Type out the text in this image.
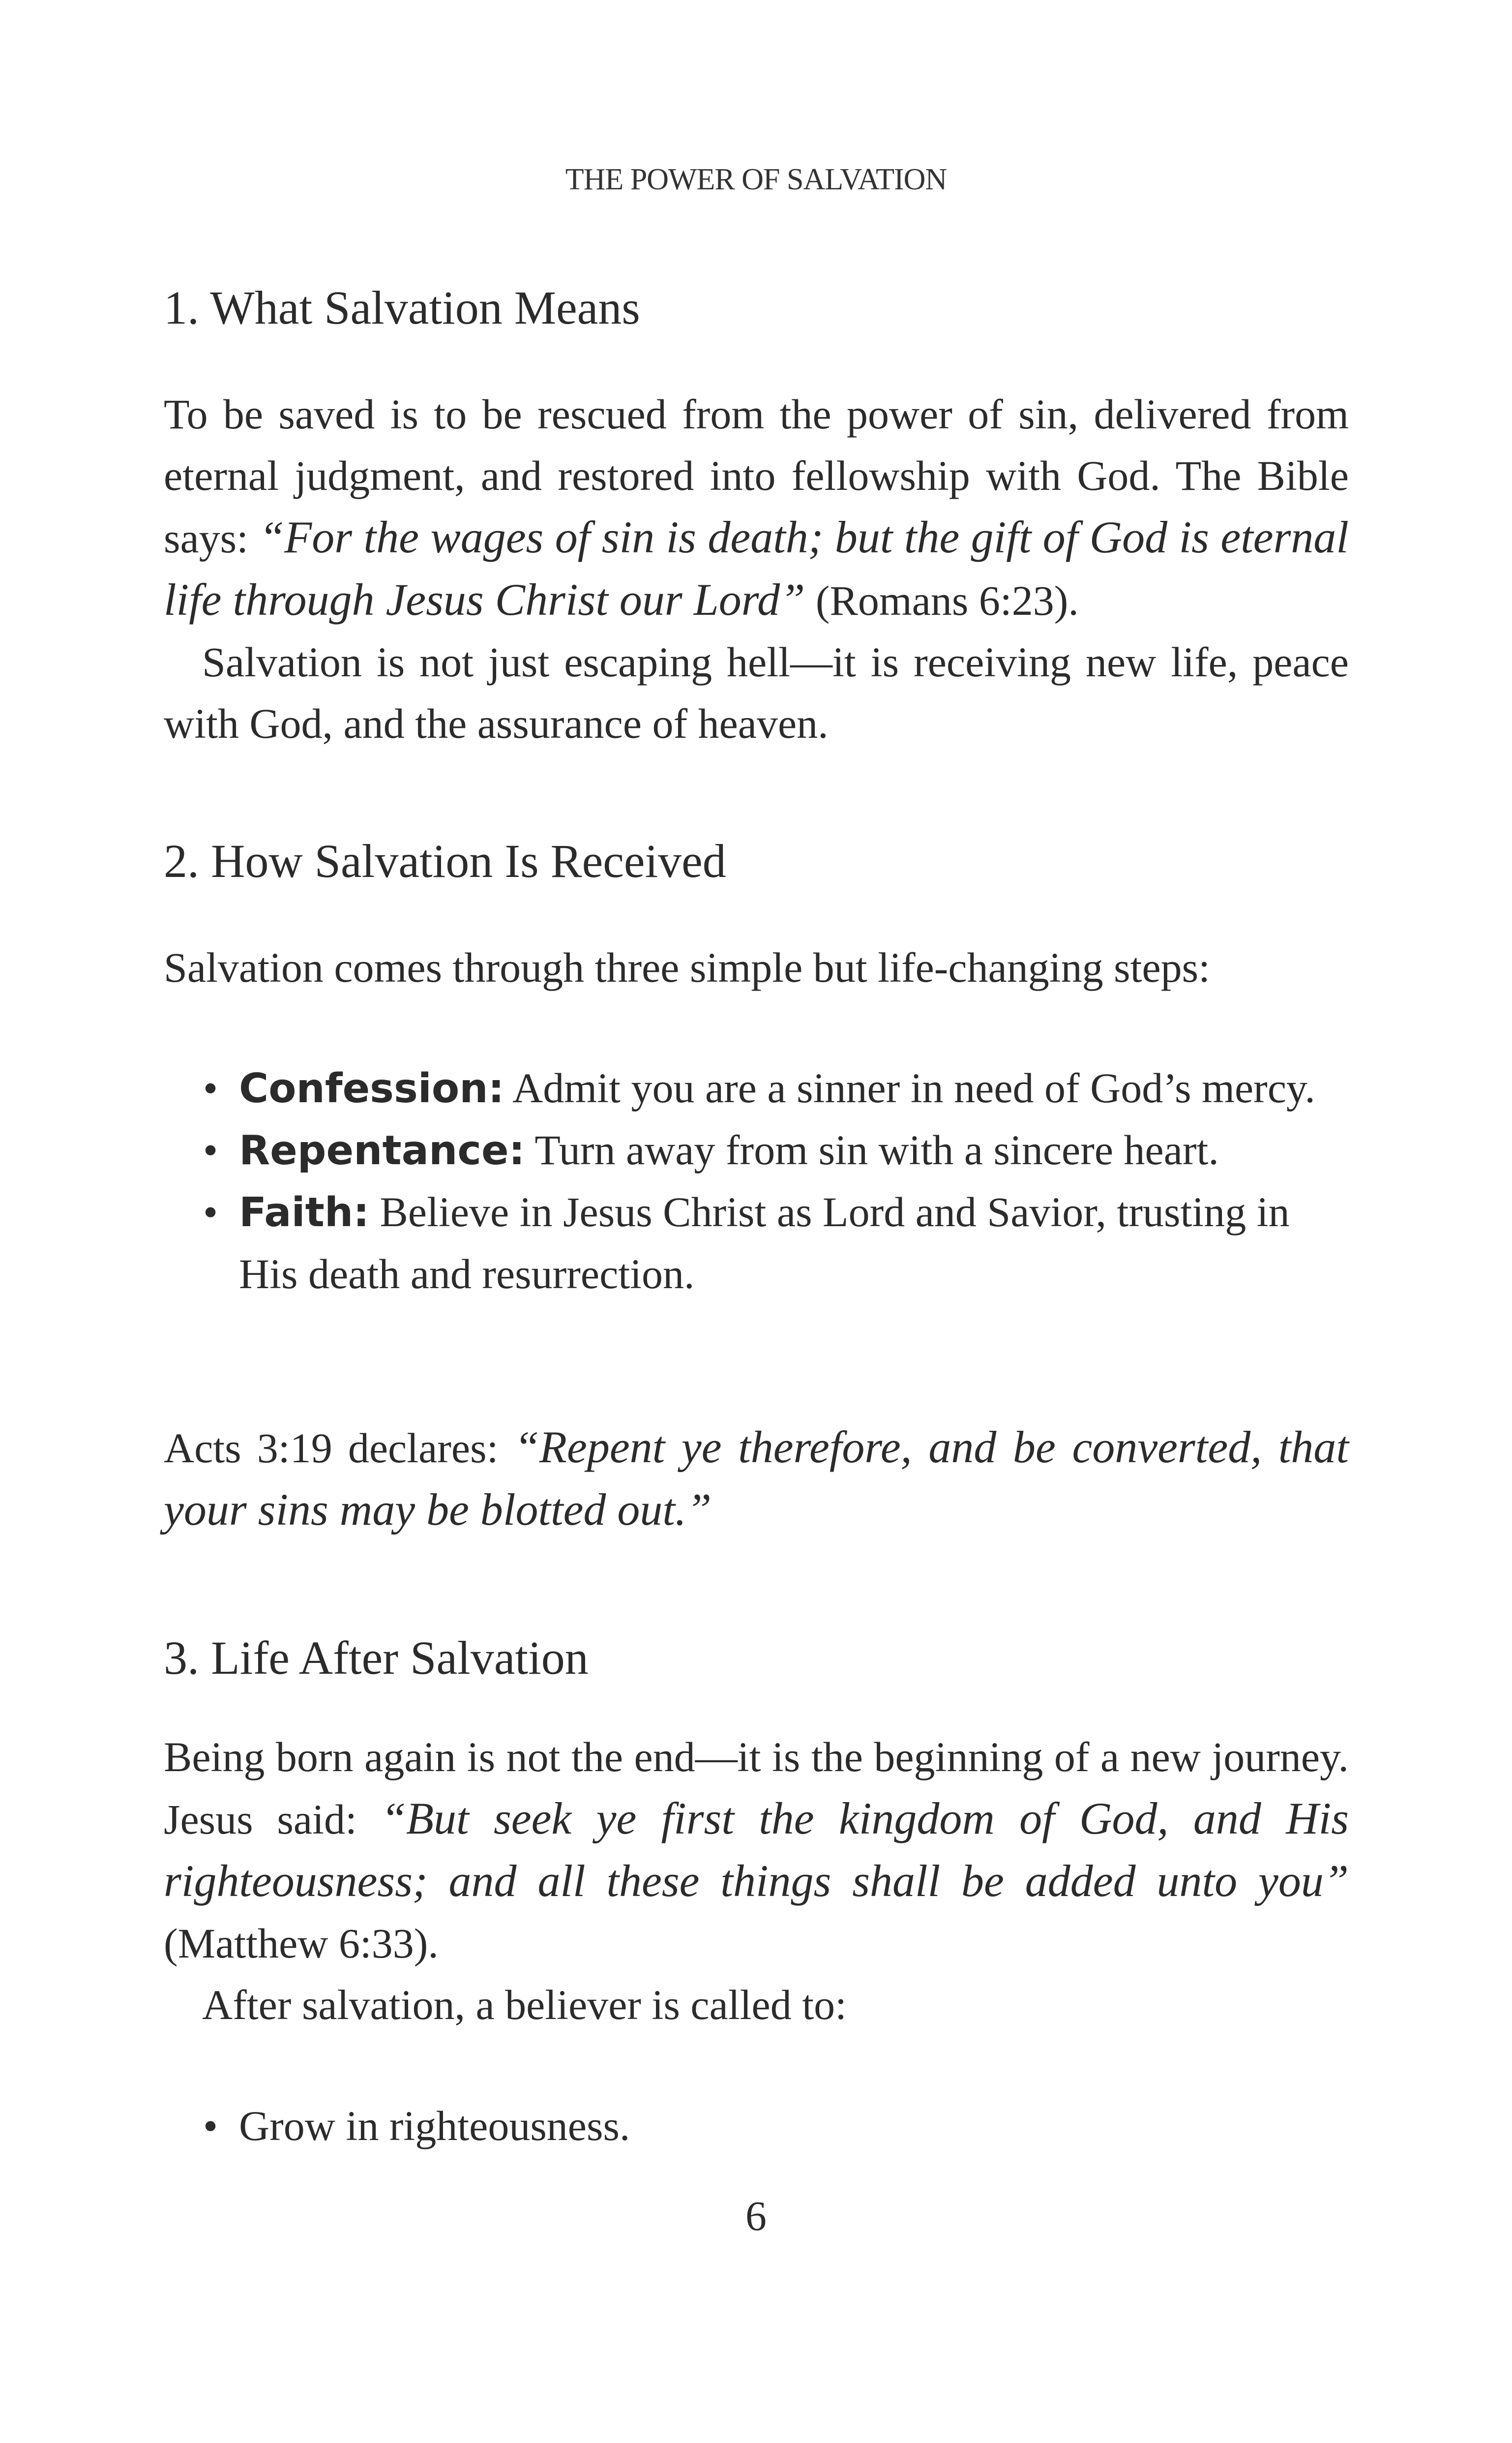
THE POWER OF SALVATION
1. What Salvation Means

To be saved is to be rescued from the power of sin, delivered from eternal judgment, and restored into fellowship with God. The Bible says: “For the wages of sin is death; but the gift of God is eternal life through Jesus Christ our Lord” (Romans 6:23).

Salvation is not just escaping hell—it is receiving new life, peace with God, and the assurance of heaven.

2. How Salvation Is Received

Salvation comes through three simple but life-changing steps:

• Confession: Admit you are a sinner in need of God’s mercy.
• Repentance: Turn away from sin with a sincere heart.
• Faith: Believe in Jesus Christ as Lord and Savior, trusting in His death and resurrection.

Acts 3:19 declares: “Repent ye therefore, and be converted, that your sins may be blotted out.”

3. Life After Salvation

Being born again is not the end—it is the beginning of a new journey. Jesus said: “But seek ye first the kingdom of God, and His righteousness; and all these things shall be added unto you” (Matthew 6:33).

After salvation, a believer is called to:

• Grow in righteousness.
6
